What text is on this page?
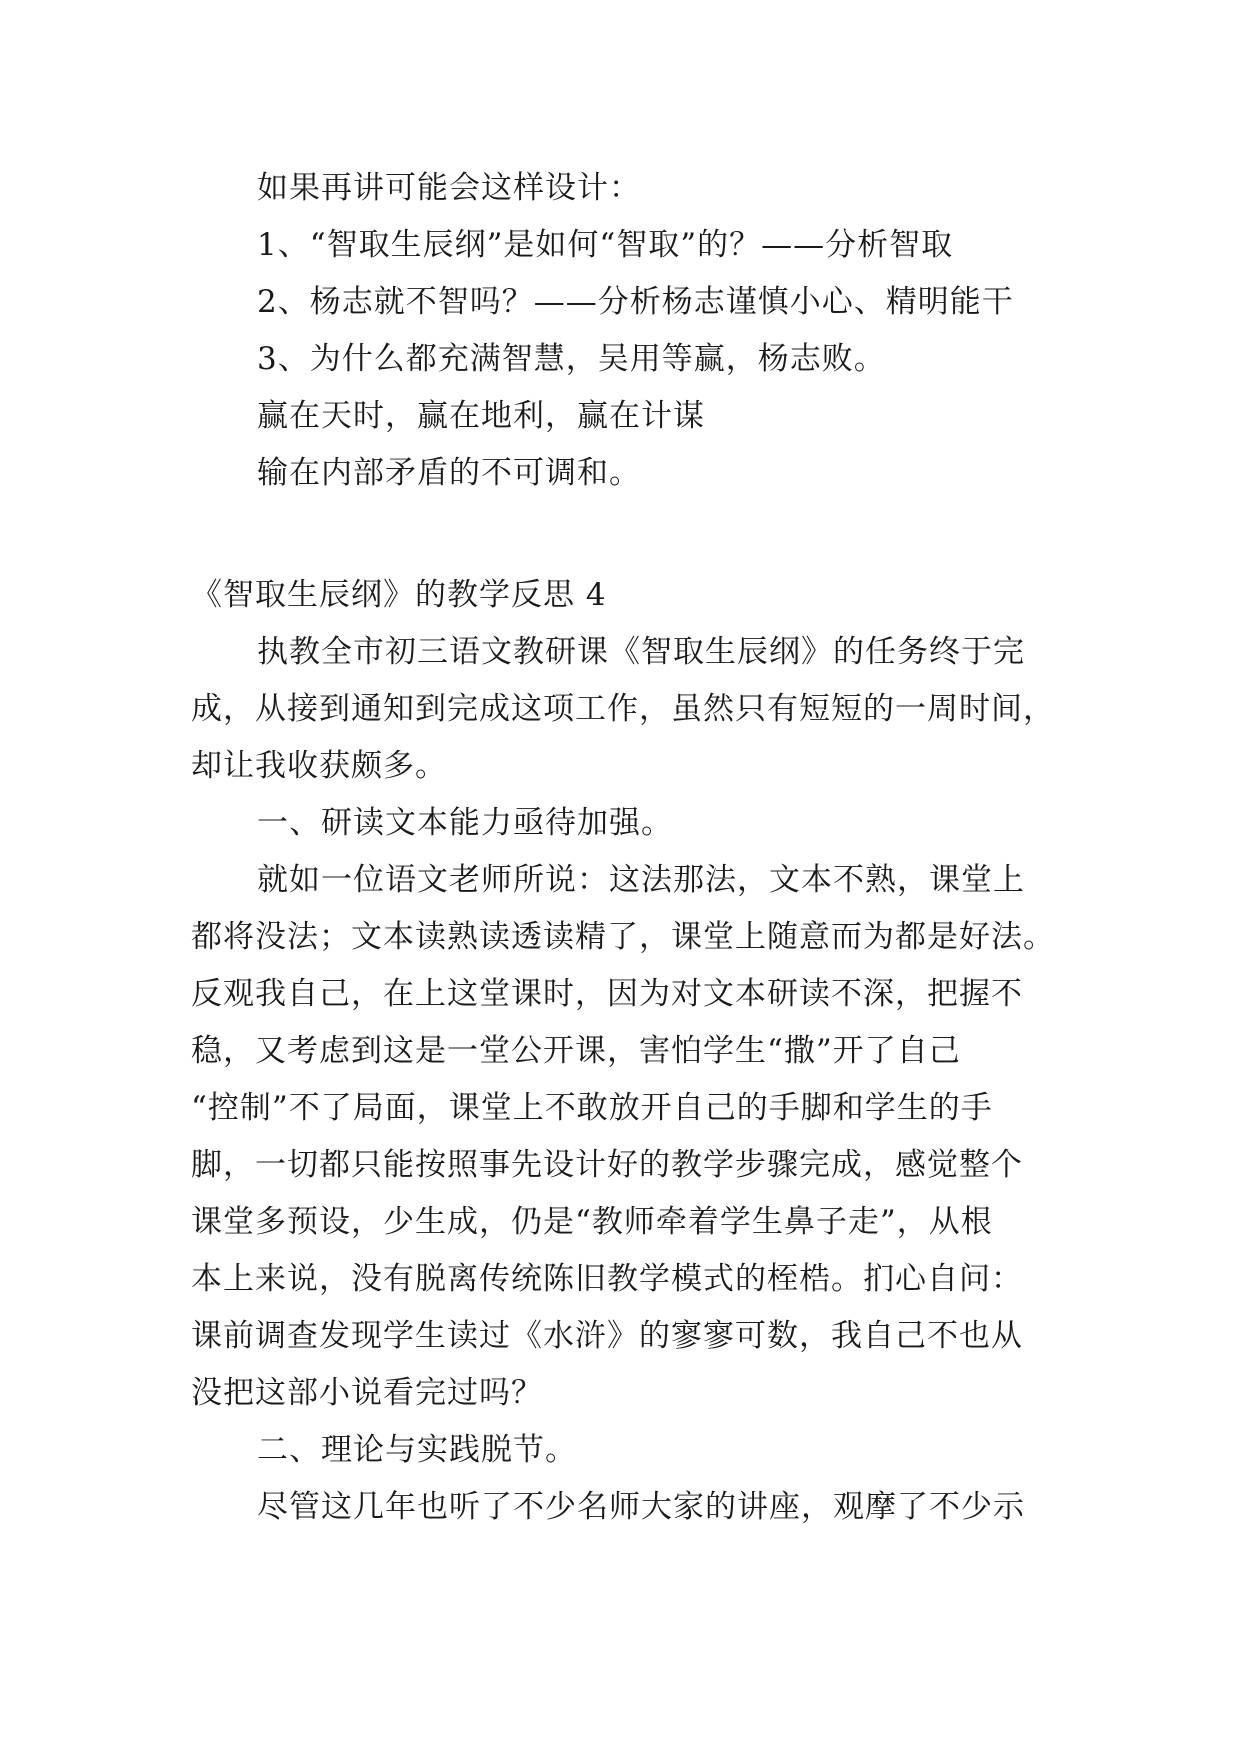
如果再讲可能会这样设计：
1、“智取生辰纲”是如何“智取”的？——分析智取
2、杨志就不智吗？——分析杨志谨慎小心、精明能干
3、为什么都充满智慧，吴用等赢，杨志败。
赢在天时，赢在地利，赢在计谋
输在内部矛盾的不可调和。
《智取生辰纲》的教学反思 4
执教全市初三语文教研课《智取生辰纲》的任务终于完
成，从接到通知到完成这项工作，虽然只有短短的一周时间，
却让我收获颇多。
一、研读文本能力亟待加强。
就如一位语文老师所说：这法那法，文本不熟，课堂上
都将没法；文本读熟读透读精了，课堂上随意而为都是好法。
反观我自己，在上这堂课时，因为对文本研读不深，把握不
稳，又考虑到这是一堂公开课，害怕学生“撒”开了自己
“控制”不了局面，课堂上不敢放开自己的手脚和学生的手
脚，一切都只能按照事先设计好的教学步骤完成，感觉整个
课堂多预设，少生成，仍是“教师牵着学生鼻子走”，从根
本上来说，没有脱离传统陈旧教学模式的桎梏。扪心自问：
课前调查发现学生读过《水浒》的寥寥可数，我自己不也从
没把这部小说看完过吗？
二、理论与实践脱节。
尽管这几年也听了不少名师大家的讲座，观摩了不少示
